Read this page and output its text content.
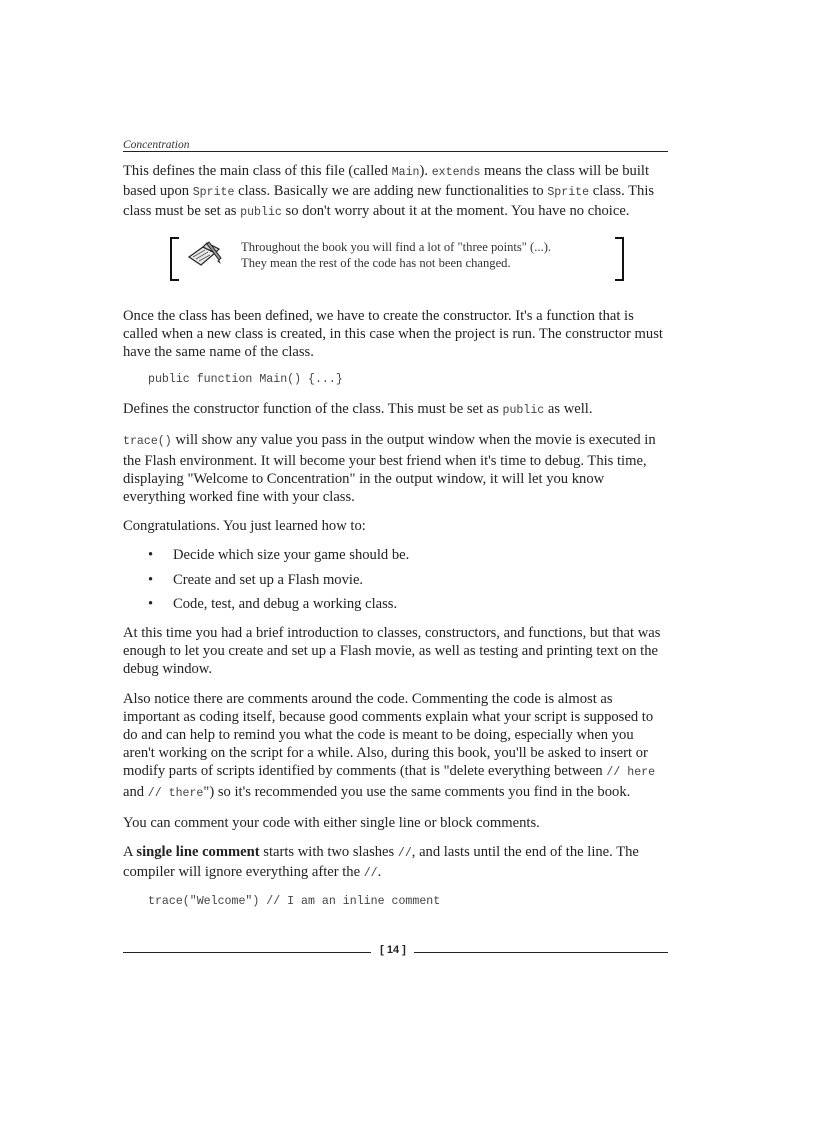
Concentration

This defines the main class of this file (called Main). extends means the class will be built based upon Sprite class. Basically we are adding new functionalities to Sprite class. This class must be set as public so don't worry about it at the moment. You have no choice.

Throughout the book you will find a lot of "three points" (...).
They mean the rest of the code has not been changed.

Once the class has been defined, we have to create the constructor. It's a function that is called when a new class is created, in this case when the project is run. The constructor must have the same name of the class.

public function Main() {...}

Defines the constructor function of the class. This must be set as public as well.

trace() will show any value you pass in the output window when the movie is executed in the Flash environment. It will become your best friend when it's time to debug. This time, displaying "Welcome to Concentration" in the output window, it will let you know everything worked fine with your class.

Congratulations. You just learned how to:

• Decide which size your game should be.
• Create and set up a Flash movie.
• Code, test, and debug a working class.

At this time you had a brief introduction to classes, constructors, and functions, but that was enough to let you create and set up a Flash movie, as well as testing and printing text on the debug window.

Also notice there are comments around the code. Commenting the code is almost as important as coding itself, because good comments explain what your script is supposed to do and can help to remind you what the code is meant to be doing, especially when you aren't working on the script for a while. Also, during this book, you'll be asked to insert or modify parts of scripts identified by comments (that is "delete everything between // here and // there") so it's recommended you use the same comments you find in the book.

You can comment your code with either single line or block comments.

A single line comment starts with two slashes //, and lasts until the end of the line. The compiler will ignore everything after the //.

trace("Welcome") // I am an inline comment
[ 14 ]
